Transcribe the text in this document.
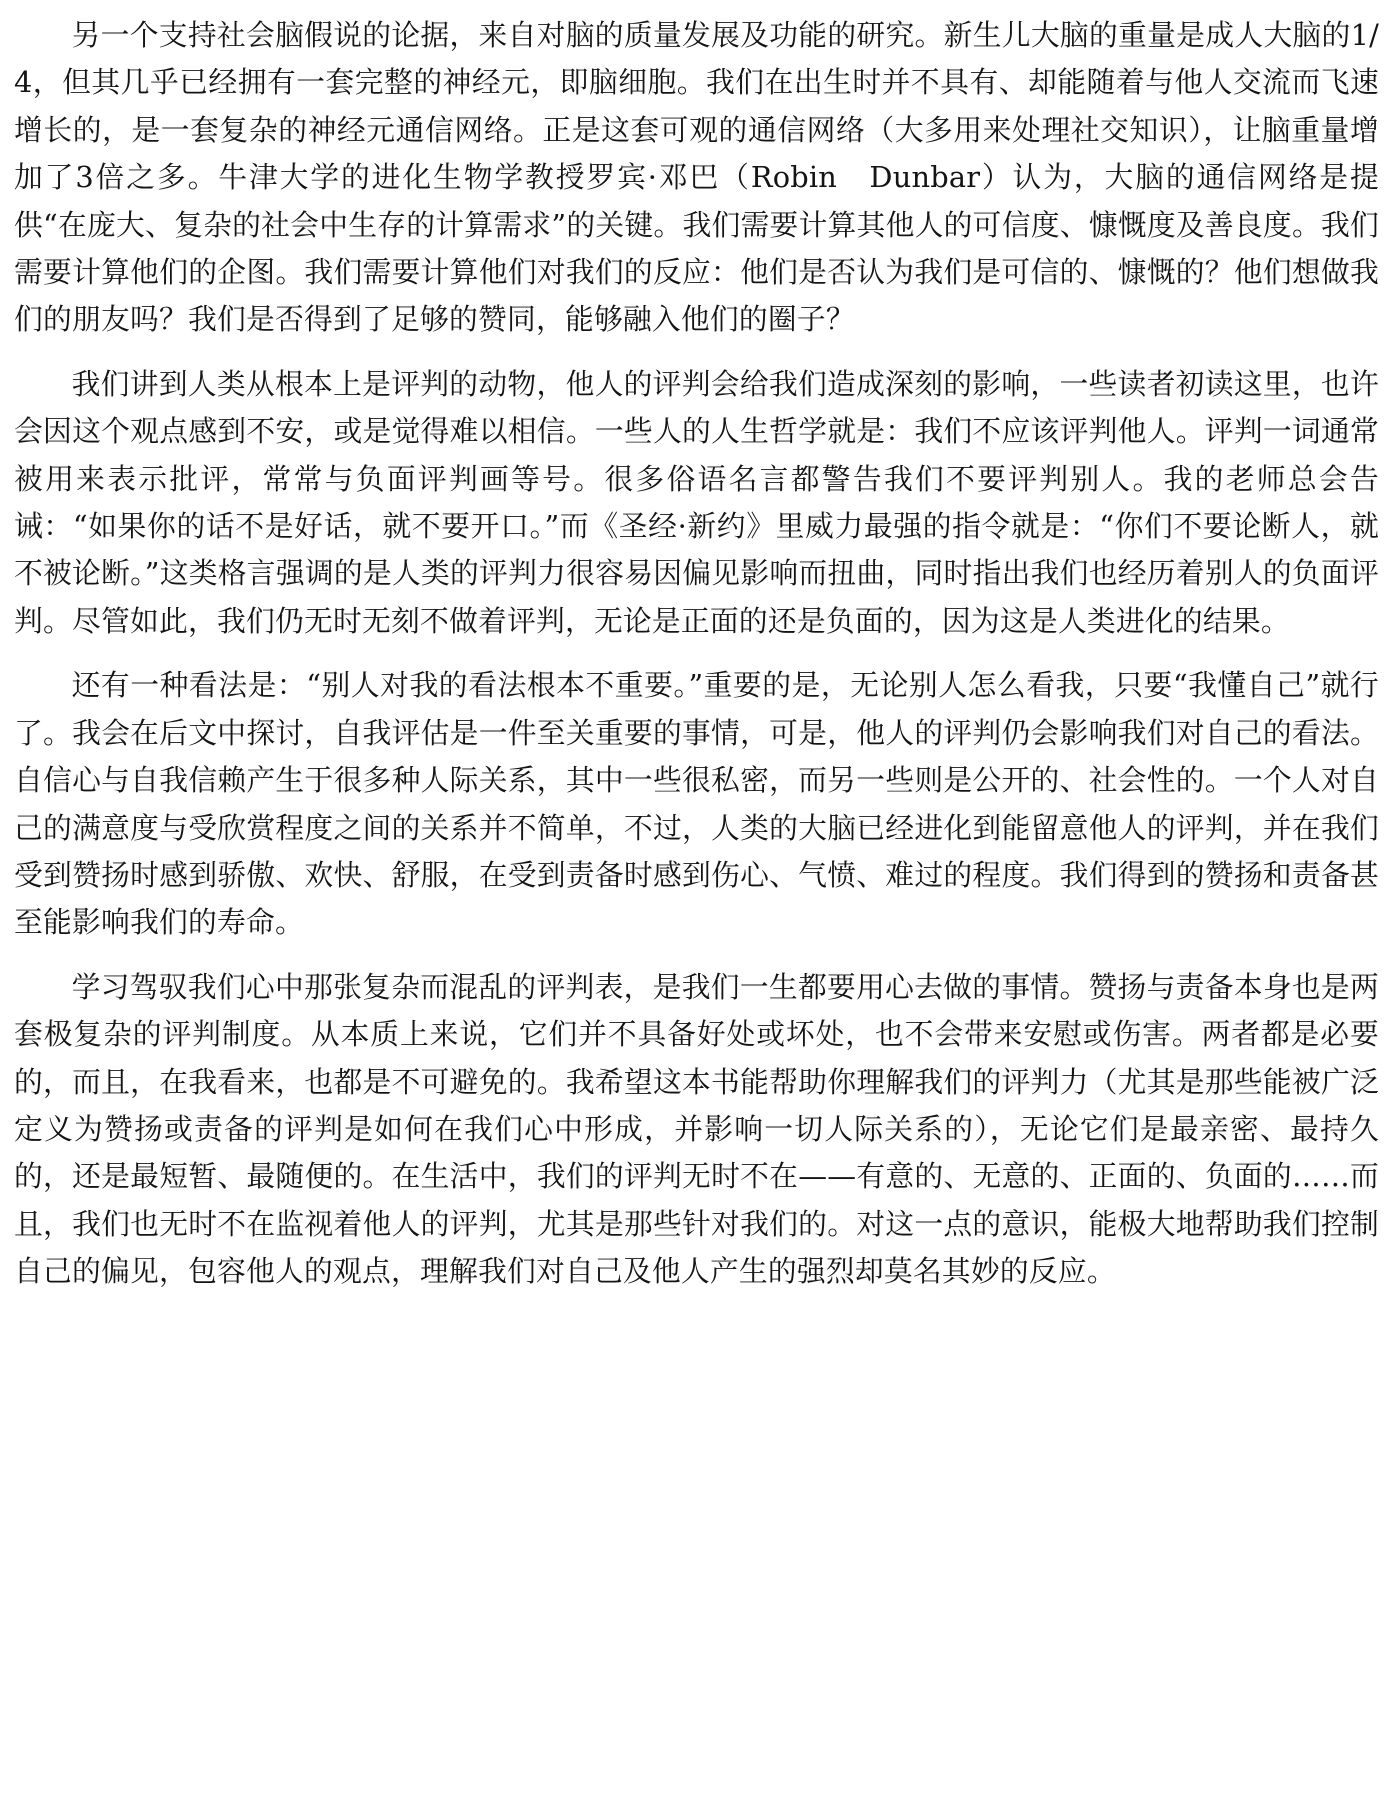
另一个支持社会脑假说的论据，来自对脑的质量发展及功能的研究。新生儿大脑的重量是成人大脑的1/4，但其几乎已经拥有一套完整的神经元，即脑细胞。我们在出生时并不具有、却能随着与他人交流而飞速增长的，是一套复杂的神经元通信网络。正是这套可观的通信网络（大多用来处理社交知识），让脑重量增加了3倍之多。牛津大学的进化生物学教授罗宾·邓巴（Robin　Dunbar）认为，大脑的通信网络是提供“在庞大、复杂的社会中生存的计算需求”的关键。我们需要计算其他人的可信度、慷慨度及善良度。我们需要计算他们的企图。我们需要计算他们对我们的反应：他们是否认为我们是可信的、慷慨的？他们想做我们的朋友吗？我们是否得到了足够的赞同，能够融入他们的圈子？

我们讲到人类从根本上是评判的动物，他人的评判会给我们造成深刻的影响，一些读者初读这里，也许会因这个观点感到不安，或是觉得难以相信。一些人的人生哲学就是：我们不应该评判他人。评判一词通常被用来表示批评，常常与负面评判画等号。很多俗语名言都警告我们不要评判别人。我的老师总会告诫：“如果你的话不是好话，就不要开口。”而《圣经·新约》里威力最强的指令就是：“你们不要论断人，就不被论断。”这类格言强调的是人类的评判力很容易因偏见影响而扭曲，同时指出我们也经历着别人的负面评判。尽管如此，我们仍无时无刻不做着评判，无论是正面的还是负面的，因为这是人类进化的结果。

还有一种看法是：“别人对我的看法根本不重要。”重要的是，无论别人怎么看我，只要“我懂自己”就行了。我会在后文中探讨，自我评估是一件至关重要的事情，可是，他人的评判仍会影响我们对自己的看法。自信心与自我信赖产生于很多种人际关系，其中一些很私密，而另一些则是公开的、社会性的。一个人对自己的满意度与受欣赏程度之间的关系并不简单，不过，人类的大脑已经进化到能留意他人的评判，并在我们受到赞扬时感到骄傲、欢快、舒服，在受到责备时感到伤心、气愤、难过的程度。我们得到的赞扬和责备甚至能影响我们的寿命。

学习驾驭我们心中那张复杂而混乱的评判表，是我们一生都要用心去做的事情。赞扬与责备本身也是两套极复杂的评判制度。从本质上来说，它们并不具备好处或坏处，也不会带来安慰或伤害。两者都是必要的，而且，在我看来，也都是不可避免的。我希望这本书能帮助你理解我们的评判力（尤其是那些能被广泛定义为赞扬或责备的评判是如何在我们心中形成，并影响一切人际关系的），无论它们是最亲密、最持久的，还是最短暂、最随便的。在生活中，我们的评判无时不在——有意的、无意的、正面的、负面的……而且，我们也无时不在监视着他人的评判，尤其是那些针对我们的。对这一点的意识，能极大地帮助我们控制自己的偏见，包容他人的观点，理解我们对自己及他人产生的强烈却莫名其妙的反应。
